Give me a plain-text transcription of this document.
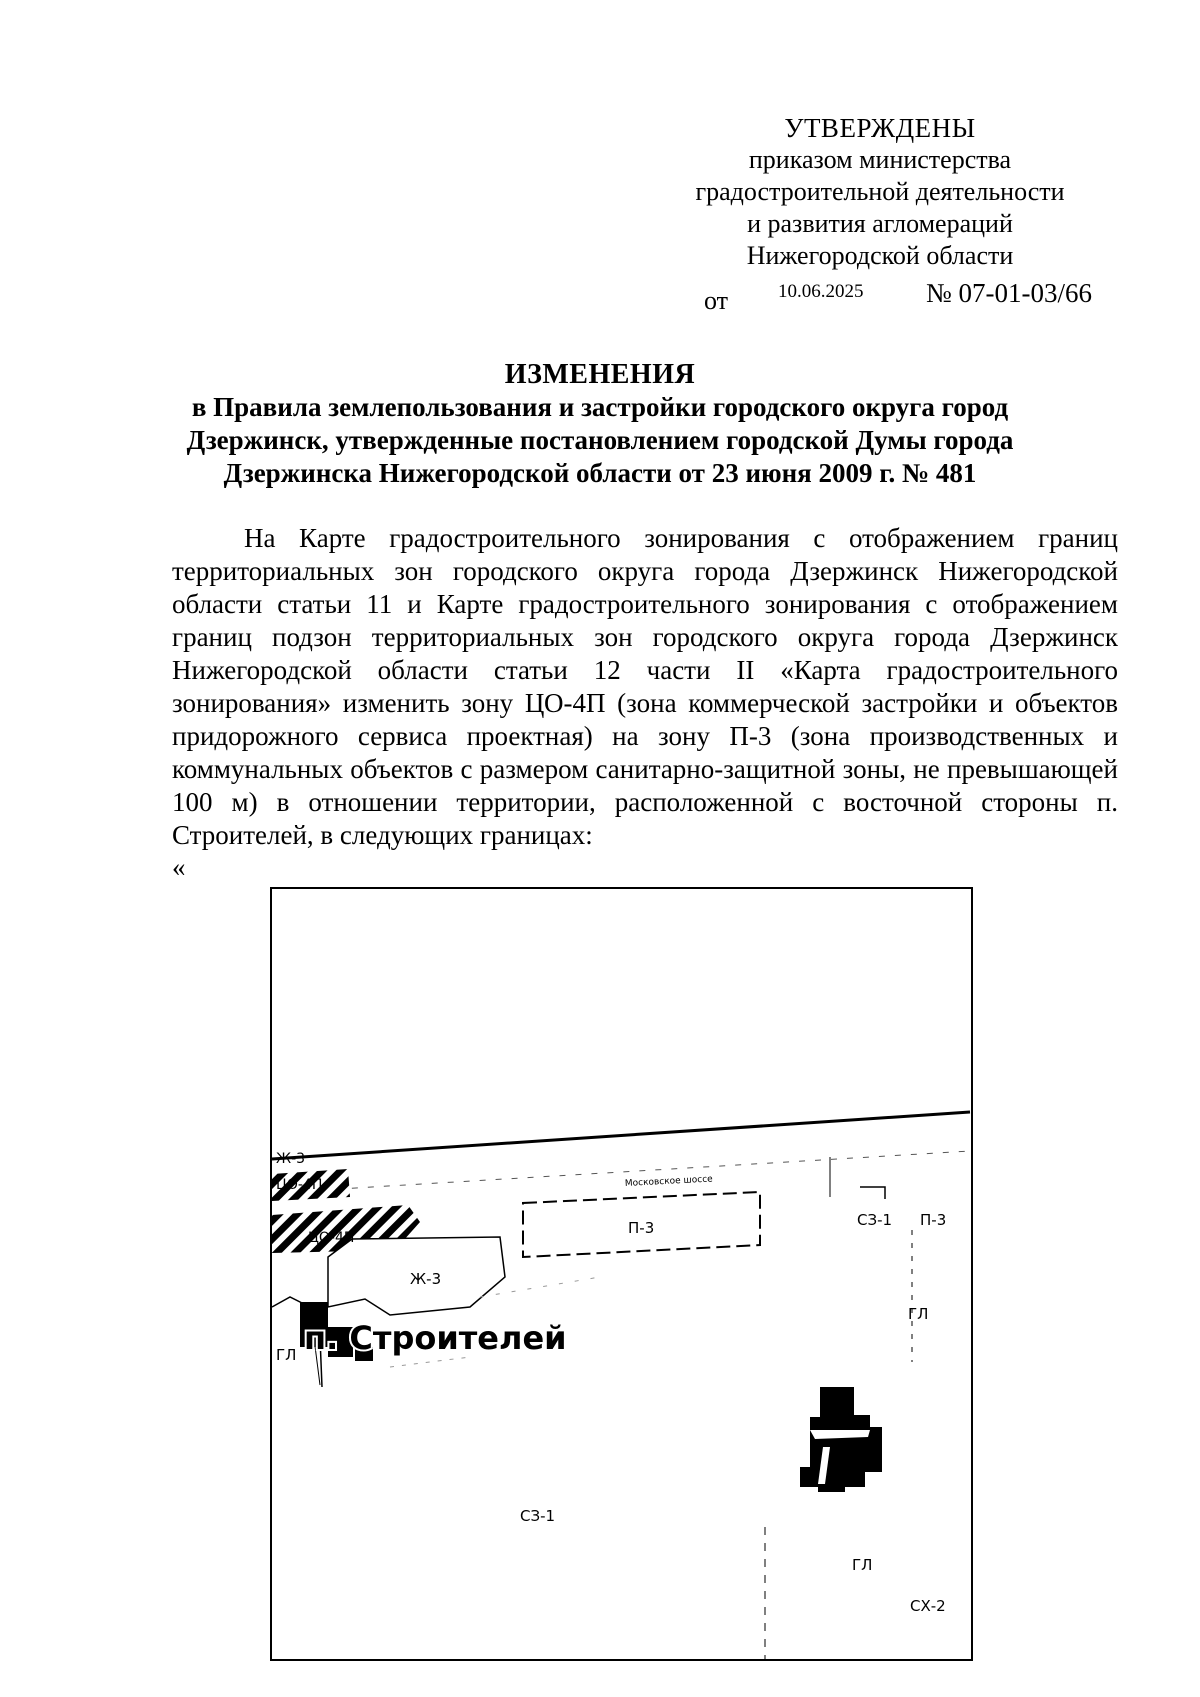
УТВЕРЖДЕНЫ
приказом министерства
градостроительной деятельности
и развития агломераций
Нижегородской области
от	10.06.2025 № 07-01-03/66
ИЗМЕНЕНИЯ
в Правила землепользования и застройки городского округа город
Дзержинск, утвержденные постановлением городской Думы города
Дзержинска Нижегородской области от 23 июня 2009 г. № 481
На Карте градостроительного зонирования с отображением границ территориальных зон городского округа города Дзержинск Нижегородской области статьи 11 и Карте градостроительного зонирования с отображением границ подзон территориальных зон городского округа города Дзержинск Нижегородской области статьи 12 части II «Карта градостроительного зонирования» изменить зону ЦО-4П (зона коммерческой застройки и объектов придорожного сервиса проектная) на зону П-3 (зона производственных и коммунальных объектов с размером санитарно-защитной зоны, не превышающей 100 м) в отношении территории, расположенной с восточной стороны п. Строителей, в следующих границах:
«
Ж-3
ЦО-4П
ЦО-4П
Московское шоссе
П-3	СЗ-1 П-3
Ж-3
ГЛ
ГЛ
п. Строителей
СЗ-1
ГЛ
СХ-2
